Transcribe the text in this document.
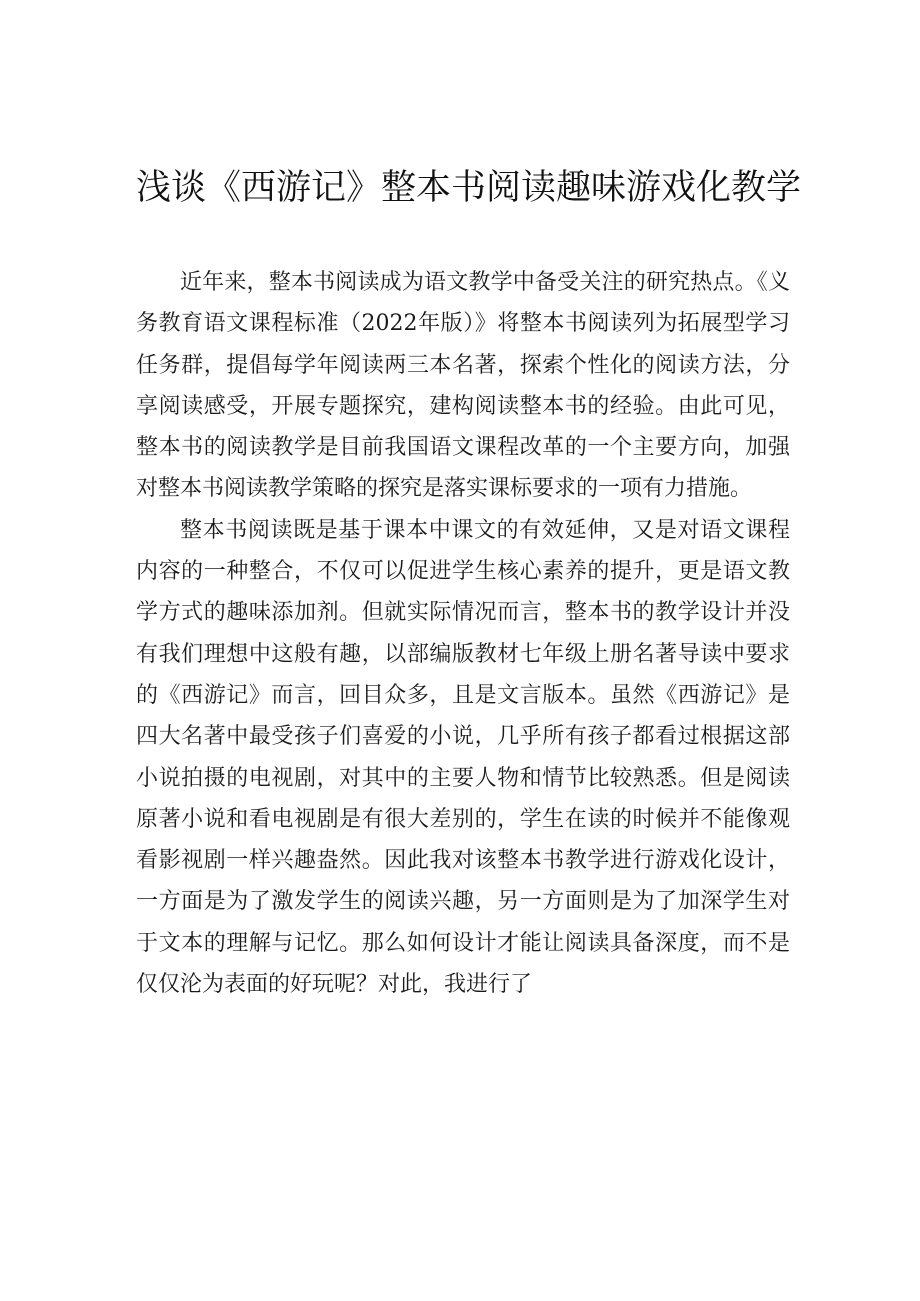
浅谈《西游记》整本书阅读趣味游戏化教学

近年来，整本书阅读成为语文教学中备受关注的研究热点。《义务教育语文课程标准（2022年版）》将整本书阅读列为拓展型学习任务群，提倡每学年阅读两三本名著，探索个性化的阅读方法，分享阅读感受，开展专题探究，建构阅读整本书的经验。由此可见，整本书的阅读教学是目前我国语文课程改革的一个主要方向，加强对整本书阅读教学策略的探究是落实课标要求的一项有力措施。

整本书阅读既是基于课本中课文的有效延伸，又是对语文课程内容的一种整合，不仅可以促进学生核心素养的提升，更是语文教学方式的趣味添加剂。但就实际情况而言，整本书的教学设计并没有我们理想中这般有趣，以部编版教材七年级上册名著导读中要求的《西游记》而言，回目众多，且是文言版本。虽然《西游记》是四大名著中最受孩子们喜爱的小说，几乎所有孩子都看过根据这部小说拍摄的电视剧，对其中的主要人物和情节比较熟悉。但是阅读原著小说和看电视剧是有很大差别的，学生在读的时候并不能像观看影视剧一样兴趣盎然。因此我对该整本书教学进行游戏化设计，一方面是为了激发学生的阅读兴趣，另一方面则是为了加深学生对于文本的理解与记忆。那么如何设计才能让阅读具备深度，而不是仅仅沦为表面的好玩呢？对此，我进行了
